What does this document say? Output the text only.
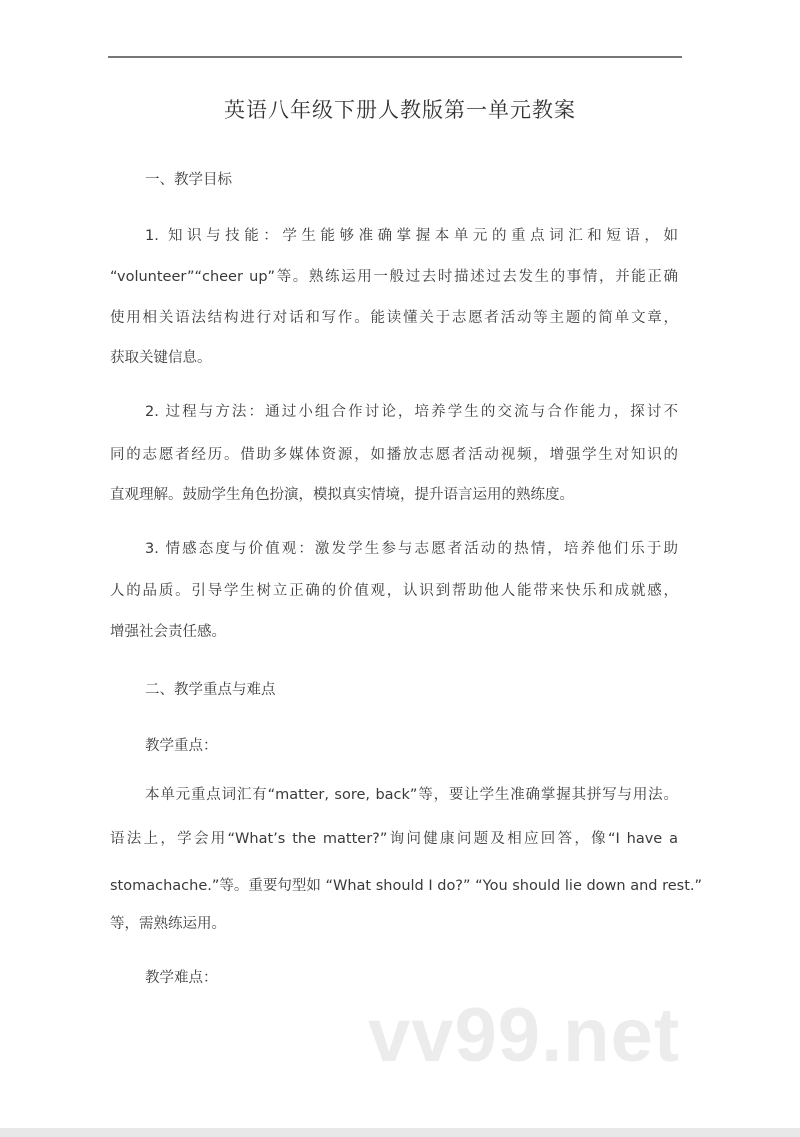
英语八年级下册人教版第一单元教案
一、教学目标
1. 知识与技能：学生能够准确掌握本单元的重点词汇和短语，如
“volunteer”“cheer up”等。熟练运用一般过去时描述过去发生的事情，并能正确
使用相关语法结构进行对话和写作。能读懂关于志愿者活动等主题的简单文章，
获取关键信息。
2. 过程与方法：通过小组合作讨论，培养学生的交流与合作能力，探讨不
同的志愿者经历。借助多媒体资源，如播放志愿者活动视频，增强学生对知识的
直观理解。鼓励学生角色扮演，模拟真实情境，提升语言运用的熟练度。
3. 情感态度与价值观：激发学生参与志愿者活动的热情，培养他们乐于助
人的品质。引导学生树立正确的价值观，认识到帮助他人能带来快乐和成就感，
增强社会责任感。
二、教学重点与难点
教学重点：
本单元重点词汇有“matter, sore, back”等，要让学生准确掌握其拼写与用法。
语法上，学会用“What’s the matter?”询问健康问题及相应回答，像“I have a
stomachache.”等。重要句型如 “What should I do?” “You should lie down and rest.”
等，需熟练运用。
教学难点：
vv99.net
